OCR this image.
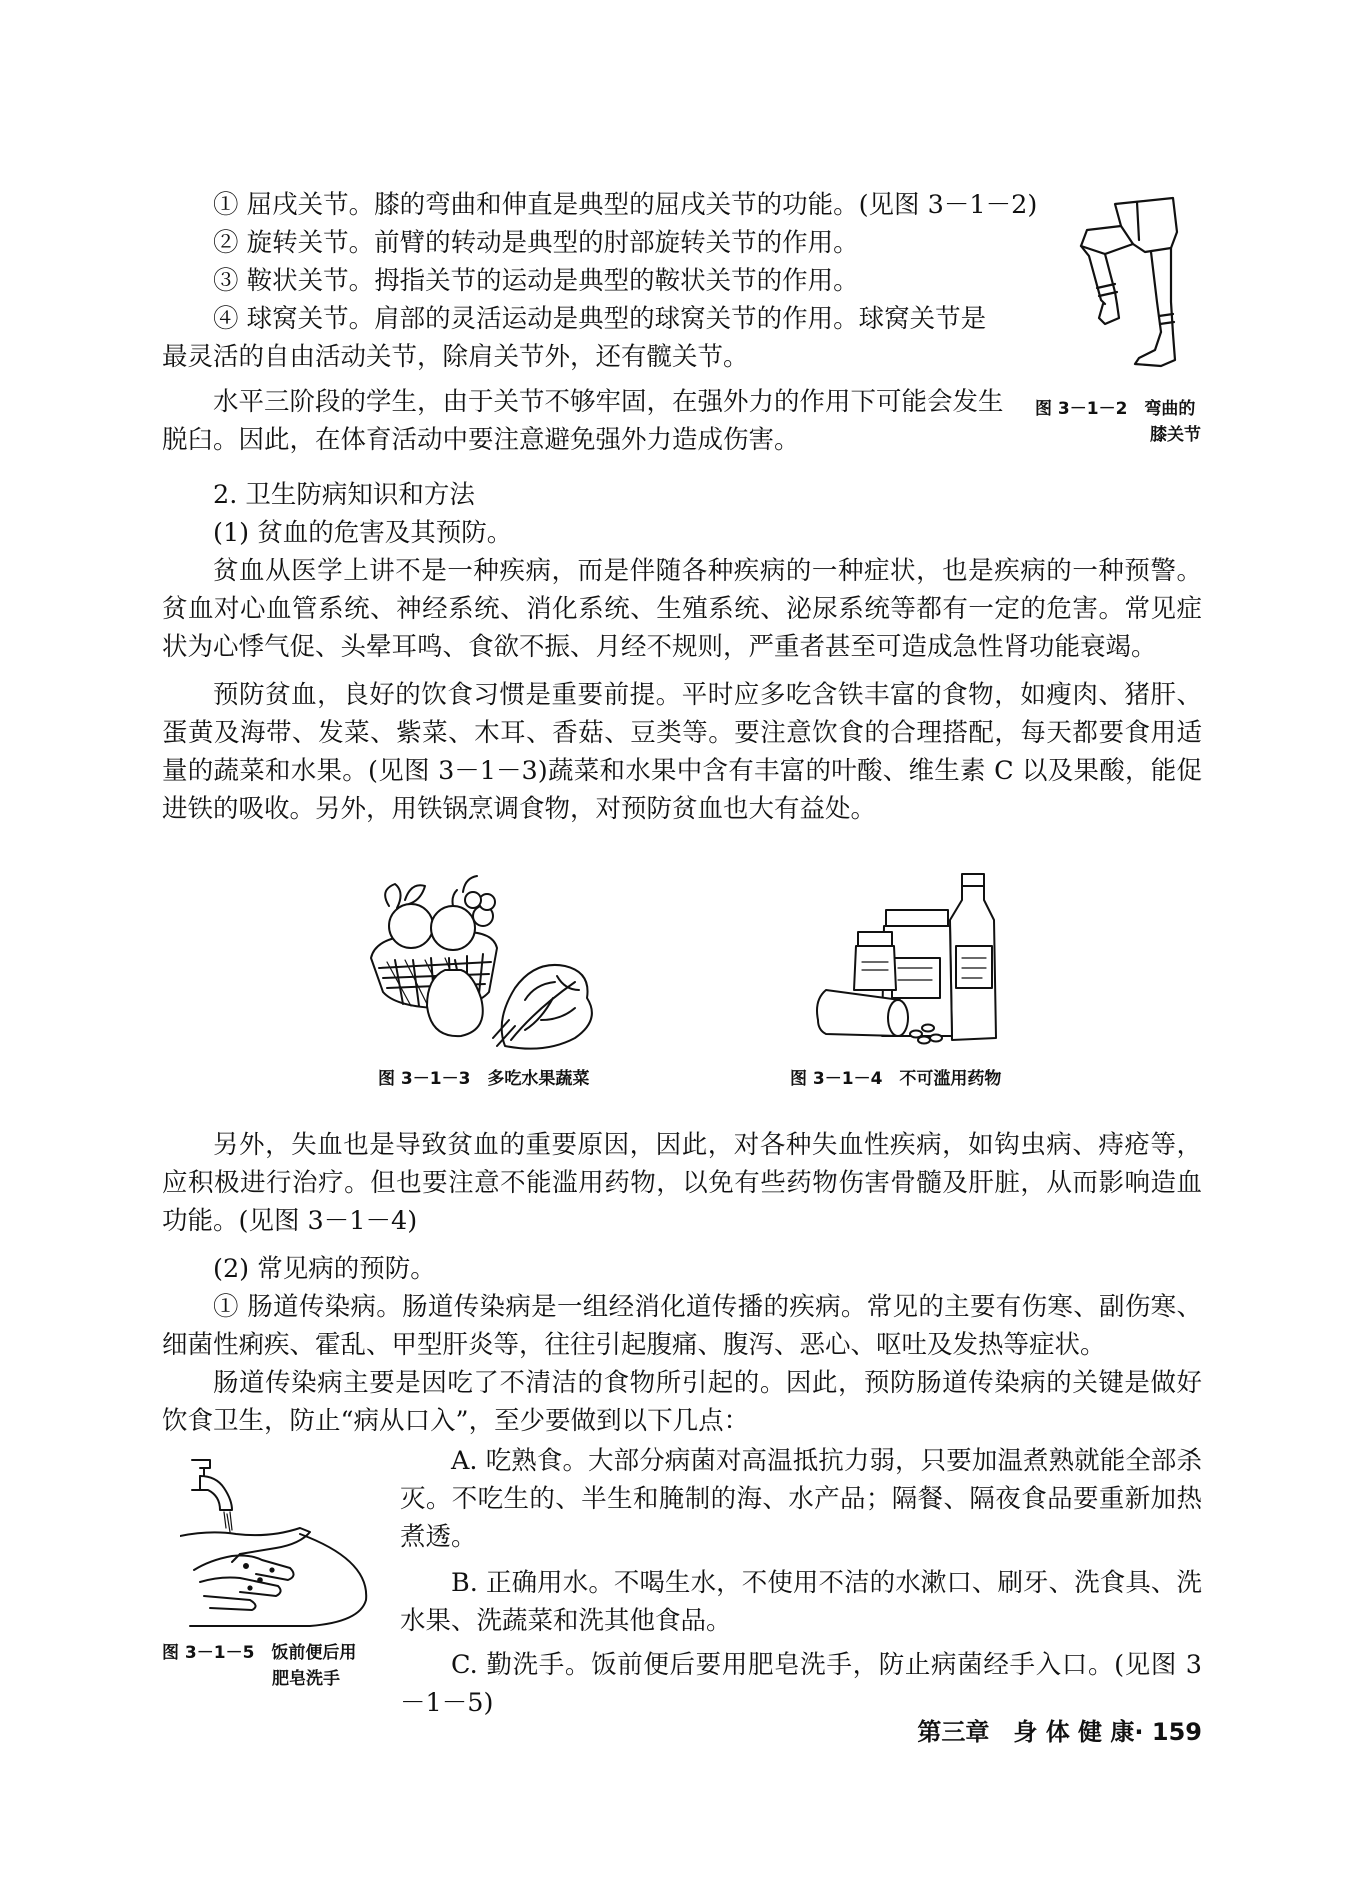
① 屈戌关节。膝的弯曲和伸直是典型的屈戌关节的功能。(见图 3－1－2)

② 旋转关节。前臂的转动是典型的肘部旋转关节的作用。

③ 鞍状关节。拇指关节的运动是典型的鞍状关节的作用。

④ 球窝关节。肩部的灵活运动是典型的球窝关节的作用。球窝关节是

最灵活的自由活动关节，除肩关节外，还有髋关节。

水平三阶段的学生，由于关节不够牢固，在强外力的作用下可能会发生

脱臼。因此，在体育活动中要注意避免强外力造成伤害。

图 3－1－2  弯曲的
膝关节

2. 卫生防病知识和方法

(1) 贫血的危害及其预防。

贫血从医学上讲不是一种疾病，而是伴随各种疾病的一种症状，也是疾病的一种预警。贫血对心血管系统、神经系统、消化系统、生殖系统、泌尿系统等都有一定的危害。常见症状为心悸气促、头晕耳鸣、食欲不振、月经不规则，严重者甚至可造成急性肾功能衰竭。

预防贫血，良好的饮食习惯是重要前提。平时应多吃含铁丰富的食物，如瘦肉、猪肝、蛋黄及海带、发菜、紫菜、木耳、香菇、豆类等。要注意饮食的合理搭配，每天都要食用适量的蔬菜和水果。(见图 3－1－3)蔬菜和水果中含有丰富的叶酸、维生素 C 以及果酸，能促进铁的吸收。另外，用铁锅烹调食物，对预防贫血也大有益处。

图 3－1－3　多吃水果蔬菜	图 3－1－4　不可滥用药物

另外，失血也是导致贫血的重要原因，因此，对各种失血性疾病，如钩虫病、痔疮等，应积极进行治疗。但也要注意不能滥用药物，以免有些药物伤害骨髓及肝脏，从而影响造血功能。(见图 3－1－4)

(2) 常见病的预防。

① 肠道传染病。肠道传染病是一组经消化道传播的疾病。常见的主要有伤寒、副伤寒、细菌性痢疾、霍乱、甲型肝炎等，往往引起腹痛、腹泻、恶心、呕吐及发热等症状。

肠道传染病主要是因吃了不清洁的食物所引起的。因此，预防肠道传染病的关键是做好饮食卫生，防止“病从口入”，至少要做到以下几点：

A. 吃熟食。大部分病菌对高温抵抗力弱，只要加温煮熟就能全部杀灭。不吃生的、半生和腌制的海、水产品；隔餐、隔夜食品要重新加热煮透。

B. 正确用水。不喝生水，不使用不洁的水漱口、刷牙、洗食具、洗水果、洗蔬菜和洗其他食品。

C. 勤洗手。饭前便后要用肥皂洗手，防止病菌经手入口。(见图 3－1－5)

图 3－1－5  饭前便后用
肥皂洗手
第三章　身 体 健 康· 159
